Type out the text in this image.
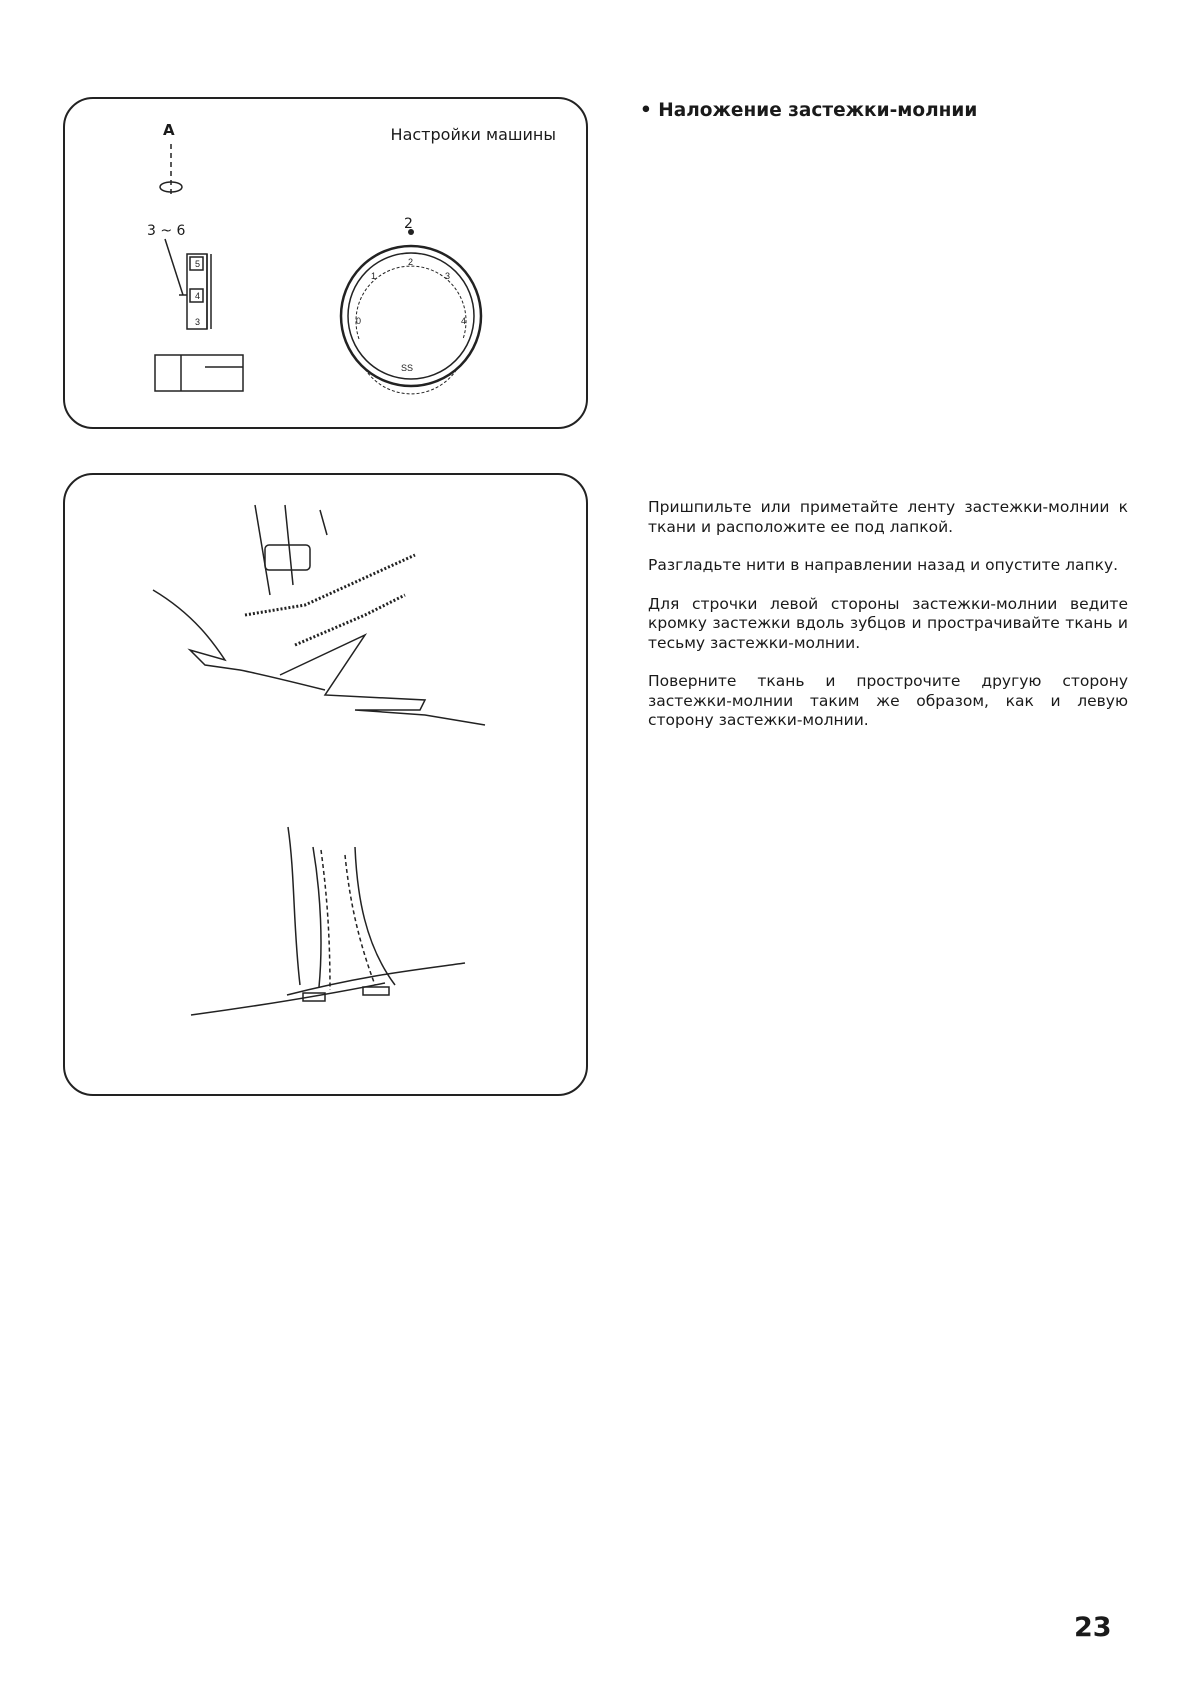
5
4
3	0
1
2
3
4
SS
Настройки машины
A
3 ~ 6	2
• Наложение застежки-молнии

Пришпильте или приметайте ленту застежки-молнии к ткани и расположите ее под лапкой.

Разгладьте нити в направлении назад и опустите лапку.

Для строчки левой стороны застежки-молнии ведите кромку застежки вдоль зубцов и прострачивайте ткань и тесьму застежки-молнии.

Поверните ткань и прострочите другую сторону застежки-молнии таким же образом, как и левую сторону застежки-молнии.

23
